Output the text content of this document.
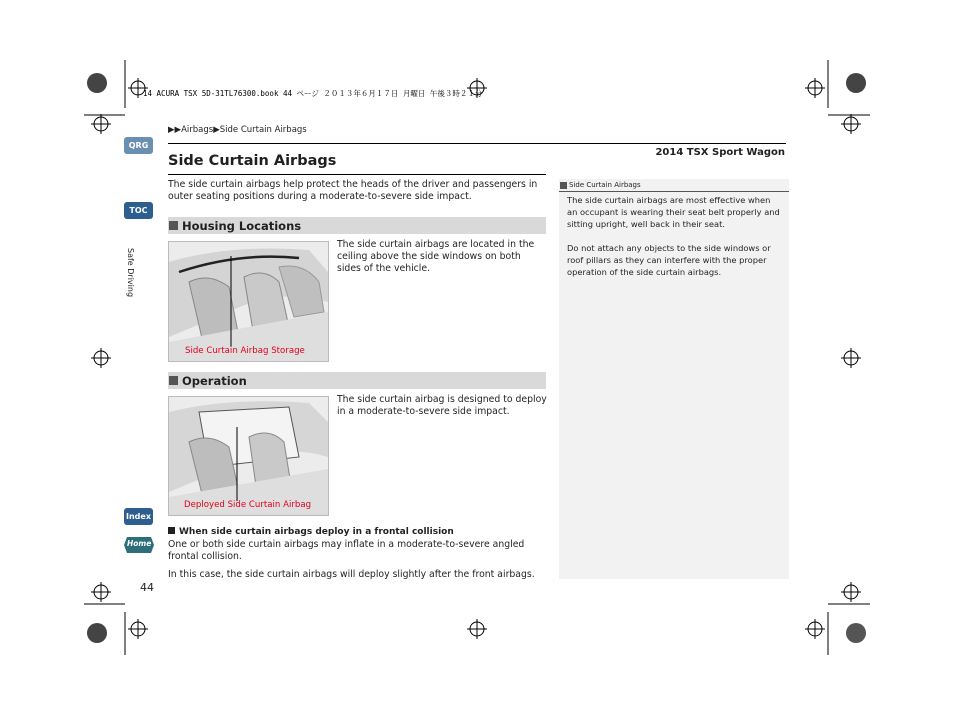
14 ACURA TSX 5D-31TL76300.book 44 ページ ２０１３年６月１７日 月曜日 午後３時２１分
▶▶Airbags▶Side Curtain Airbags
2014 TSX Sport Wagon
QRG
TOC
Safe Driving
Index
Home
44
Side Curtain Airbags
The side curtain airbags help protect the heads of the driver and passengers in outer seating positions during a moderate-to-severe side impact.
Housing Locations
Side Curtain Airbag Storage
The side curtain airbags are located in the ceiling above the side windows on both sides of the vehicle.
Operation
Deployed Side Curtain Airbag
The side curtain airbag is designed to deploy in a moderate-to-severe side impact.
When side curtain airbags deploy in a frontal collision
One or both side curtain airbags may inflate in a moderate-to-severe angled frontal collision.
In this case, the side curtain airbags will deploy slightly after the front airbags.
Side Curtain Airbags
The side curtain airbags are most effective when an occupant is wearing their seat belt properly and sitting upright, well back in their seat.
Do not attach any objects to the side windows or roof pillars as they can interfere with the proper operation of the side curtain airbags.
